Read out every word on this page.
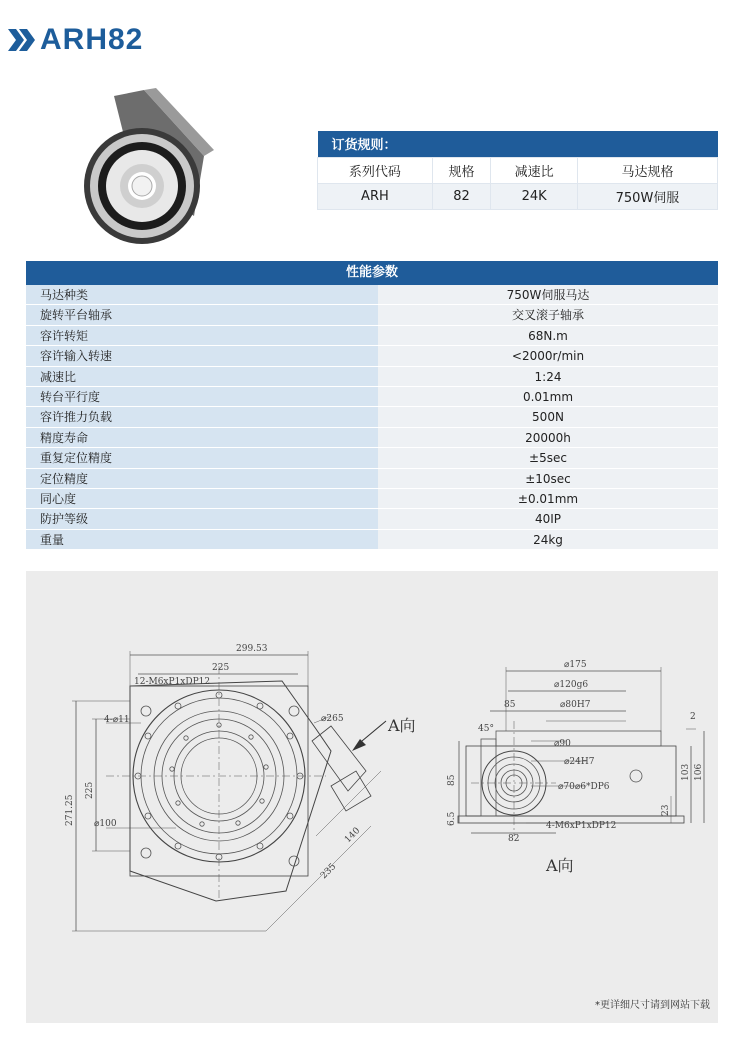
ARH82
订货规则：			
系列代码	规格	减速比	马达规格
ARH	82	24K	750W伺服
性能参数
马达种类	750W伺服马达
旋转平台轴承	交叉滚子轴承
容许转矩	68N.m
容许输入转速	<2000r/min
减速比	1:24
转台平行度	0.01mm
容许推力负载	500N
精度寿命	20000h
重复定位精度	±5sec
定位精度	±10sec
同心度	±0.01mm
防护等级	40IP
重量	24kg
299.53
225
12-M6xP1xDP12
4-⌀11	⌀265
⌀100
271.25
225
140
235
A向
⌀175
⌀120g6
⌀80H7
85
45°
⌀90
⌀24H7
⌀70⌀6*DP6
4-M6xP1xDP12
82
85
6.5
103 106
23
2
A向
*更详细尺寸请到网站下载
